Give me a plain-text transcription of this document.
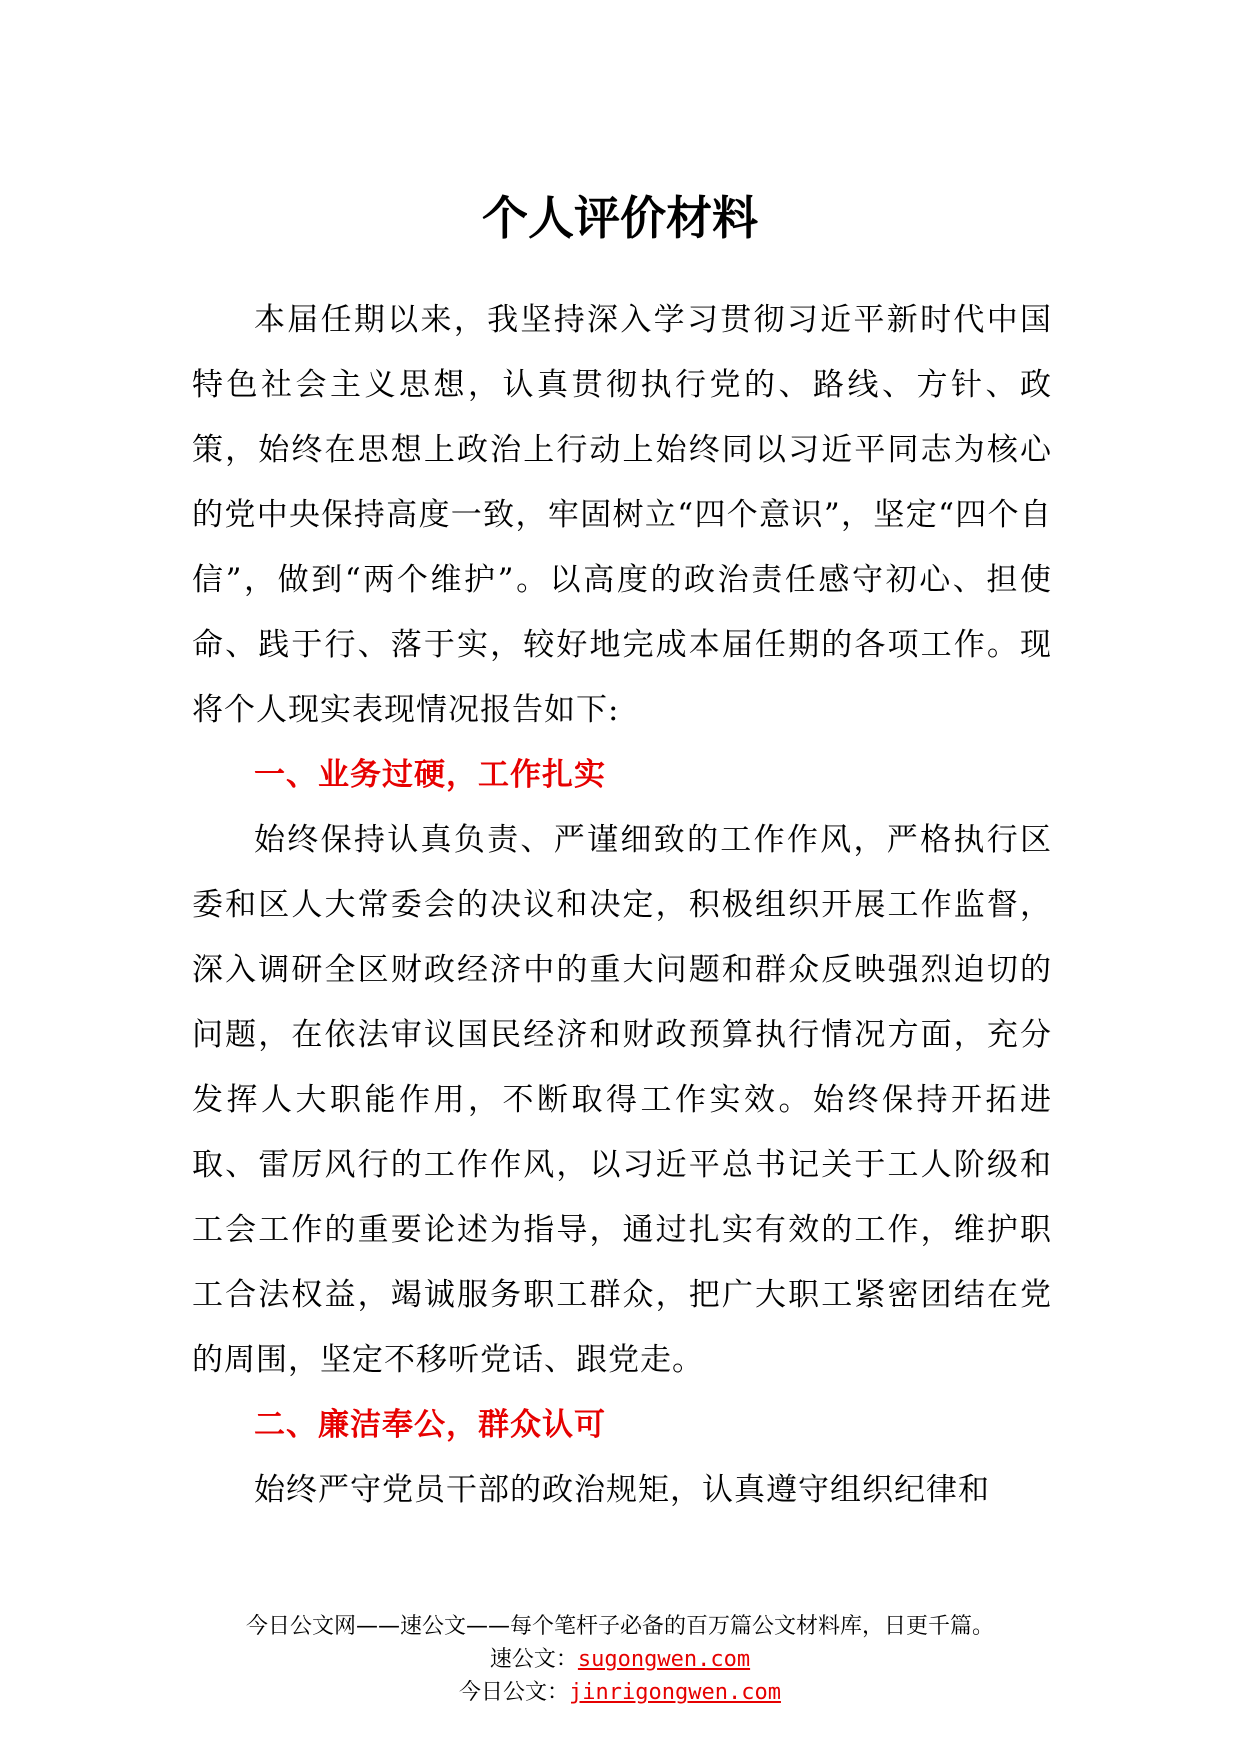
个人评价材料

本届任期以来，我坚持深入学习贯彻习近平新时代中国特色社会主义思想，认真贯彻执行党的、路线、方针、政策，始终在思想上政治上行动上始终同以习近平同志为核心的党中央保持高度一致，牢固树立“四个意识”，坚定“四个自信”，做到“两个维护”。以高度的政治责任感守初心、担使命、践于行、落于实，较好地完成本届任期的各项工作。现将个人现实表现情况报告如下:

一、业务过硬，工作扎实

始终保持认真负责、严谨细致的工作作风，严格执行区委和区人大常委会的决议和决定，积极组织开展工作监督，深入调研全区财政经济中的重大问题和群众反映强烈迫切的问题，在依法审议国民经济和财政预算执行情况方面，充分发挥人大职能作用，不断取得工作实效。始终保持开拓进取、雷厉风行的工作作风，以习近平总书记关于工人阶级和工会工作的重要论述为指导，通过扎实有效的工作，维护职工合法权益，竭诚服务职工群众，把广大职工紧密团结在党的周围，坚定不移听党话、跟党走。

二、廉洁奉公，群众认可

始终严守党员干部的政治规矩，认真遵守组织纪律和

今日公文网——速公文——每个笔杆子必备的百万篇公文材料库，日更千篇。
速公文：sugongwen.com
今日公文：jinrigongwen.com
